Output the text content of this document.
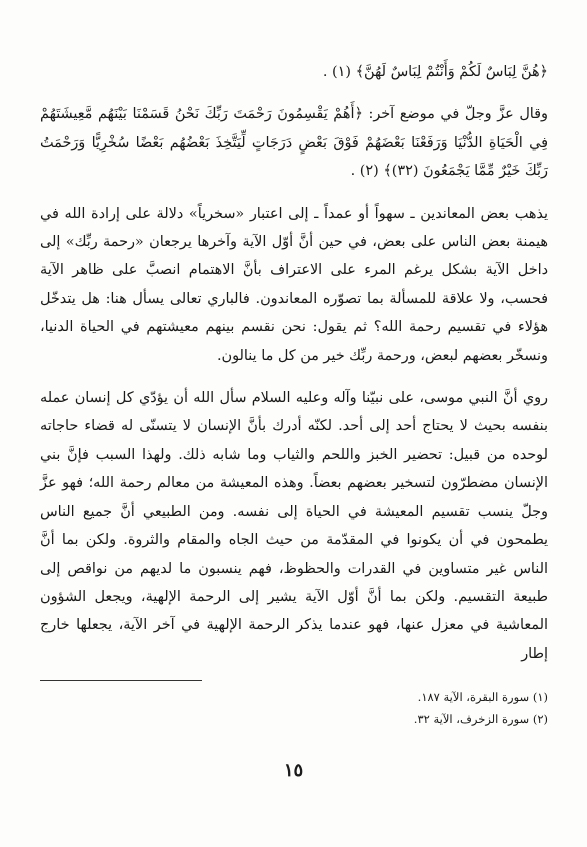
﴿هُنَّ لِبَاسٌ لَكُمْ وَأَنْتُمْ لِبَاسٌ لَهُنَّ﴾ (١) .

وقال عزَّ وجلّ في موضع آخر: ﴿أَهُمْ يَقْسِمُونَ رَحْمَتَ رَبِّكَ نَحْنُ قَسَمْنَا بَيْنَهُم مَّعِيشَتَهُمْ فِي الْحَيَاةِ الدُّنْيَا وَرَفَعْنَا بَعْضَهُمْ فَوْقَ بَعْضٍ دَرَجَاتٍ لِّيَتَّخِذَ بَعْضُهُم بَعْضًا سُخْرِيًّا وَرَحْمَتُ رَبِّكَ خَيْرٌ مِّمَّا يَجْمَعُونَ (٣٢)﴾ (٢) .

يذهب بعض المعاندين ـ سهواً أو عمداً ـ إلى اعتبار «سخرياً» دلالة على إرادة الله في هيمنة بعض الناس على بعض، في حين أنَّ أوّل الآية وآخرها يرجعان «رحمة ربِّك» إلى داخل الآية بشكل يرغم المرء على الاعتراف بأنَّ الاهتمام انصبَّ على ظاهر الآية فحسب، ولا علاقة للمسألة بما تصوّره المعاندون. فالباري تعالى يسأل هنا: هل يتدخّل هؤلاء في تقسيم رحمة الله؟ ثم يقول: نحن نقسم بينهم معيشتهم في الحياة الدنيا، ونسخّر بعضهم لبعض، ورحمة ربِّك خير من كل ما ينالون.

روي أنَّ النبي موسى، على نبيّنا وآله وعليه السلام سأل الله أن يؤدّي كل إنسان عمله بنفسه بحيث لا يحتاج أحد إلى أحد. لكنّه أدرك بأنَّ الإنسان لا يتسنّى له قضاء حاجاته لوحده من قبيل: تحضير الخبز واللحم والثياب وما شابه ذلك. ولهذا السبب فإنَّ بني الإنسان مضطرّون لتسخير بعضهم بعضاً. وهذه المعيشة من معالم رحمة الله؛ فهو عزَّ وجلّ ينسب تقسيم المعيشة في الحياة إلى نفسه. ومن الطبيعي أنَّ جميع الناس يطمحون في أن يكونوا في المقدّمة من حيث الجاه والمقام والثروة. ولكن بما أنَّ الناس غير متساوين في القدرات والحظوظ، فهم ينسبون ما لديهم من نواقص إلى طبيعة التقسيم. ولكن بما أنَّ أوّل الآية يشير إلى الرحمة الإلهية، ويجعل الشؤون المعاشية في معزل عنها، فهو عندما يذكر الرحمة الإلهية في آخر الآية، يجعلها خارج إطار

(١) سورة البقرة، الآية ١٨٧.
(٢) سورة الزخرف، الآية ٣٢.
١٥
